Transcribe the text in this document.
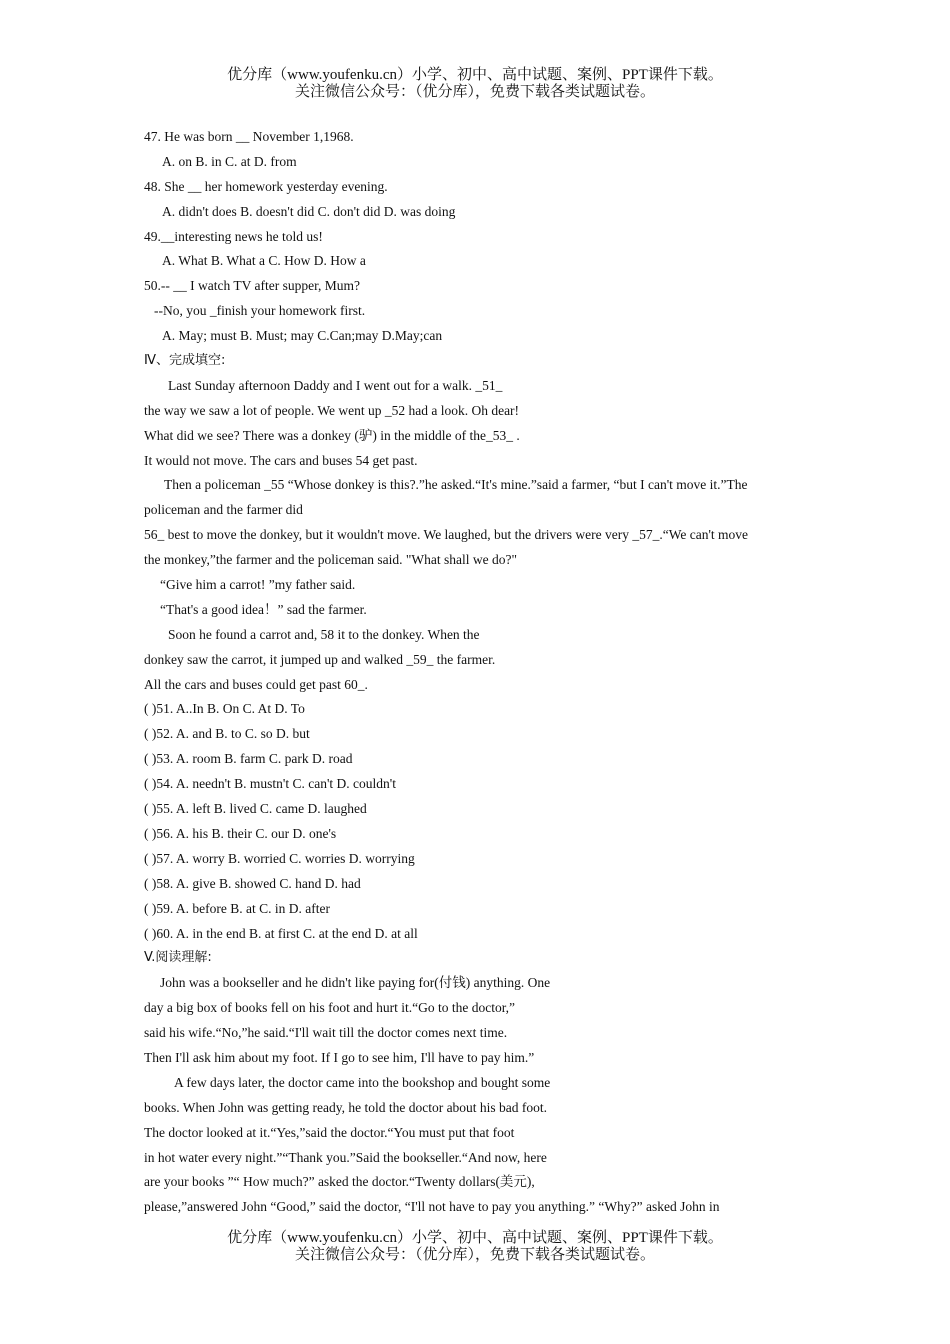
优分库（www.youfenku.cn）小学、初中、高中试题、案例、PPT课件下载。
关注微信公众号：（优分库），免费下载各类试题试卷。
47. He was born __ November 1,1968.
A. on B. in C. at D. from
48. She __ her homework yesterday evening.
A. didn't does B. doesn't did C. don't did D. was doing
49.__interesting news he told us!
A. What B. What a C. How D. How a
50.-- __ I watch TV after supper, Mum?
--No, you _finish your homework first.
A. May; must B. Must; may C.Can;may D.May;can
Ⅳ、完成填空:
Last Sunday afternoon Daddy and I went out for a walk. _51_
the way we saw a lot of people. We went up _52 had a look. Oh dear!
What did we see? There was a donkey (驴) in the middle of the_53_ .
It would not move. The cars and buses 54 get past.
Then a policeman _55 “Whose donkey is this?.”he asked.“It's mine.”said a farmer, “but I can't move it.”The
policeman and the farmer did
56_ best to move the donkey, but it wouldn't move. We laughed, but the drivers were very _57_.“We can't move
the monkey,”the farmer and the policeman said. "What shall we do?"
“Give him a carrot! ”my father said.
“That's a good idea！” sad the farmer.
Soon he found a carrot and, 58 it to the donkey. When the
donkey saw the carrot, it jumped up and walked _59_ the farmer.
All the cars and buses could get past 60_.
( )51. A..In B. On C. At D. To
( )52. A. and B. to C. so D. but
( )53. A. room B. farm C. park D. road
( )54. A. needn't B. mustn't C. can't D. couldn't
( )55. A. left B. lived C. came D. laughed
( )56. A. his B. their C. our D. one's
( )57. A. worry B. worried C. worries D. worrying
( )58. A. give B. showed C. hand D. had
( )59. A. before B. at C. in D. after
( )60. A. in the end B. at first C. at the end D. at all
V.阅读理解:
John was a bookseller and he didn't like paying for(付钱) anything. One
day a big box of books fell on his foot and hurt it.“Go to the doctor,”
said his wife.“No,”he said.“I'll wait till the doctor comes next time.
Then I'll ask him about my foot. If I go to see him, I'll have to pay him.”
A few days later, the doctor came into the bookshop and bought some
books. When John was getting ready, he told the doctor about his bad foot.
The doctor looked at it.“Yes,”said the doctor.“You must put that foot
in hot water every night.”“Thank you.”Said the bookseller.“And now, here
are your books ”“ How much?” asked the doctor.“Twenty dollars(美元),
please,”answered John “Good,” said the doctor, “I'll not have to pay you anything.” “Why?” asked John in
优分库（www.youfenku.cn）小学、初中、高中试题、案例、PPT课件下载。
关注微信公众号：（优分库），免费下载各类试题试卷。
